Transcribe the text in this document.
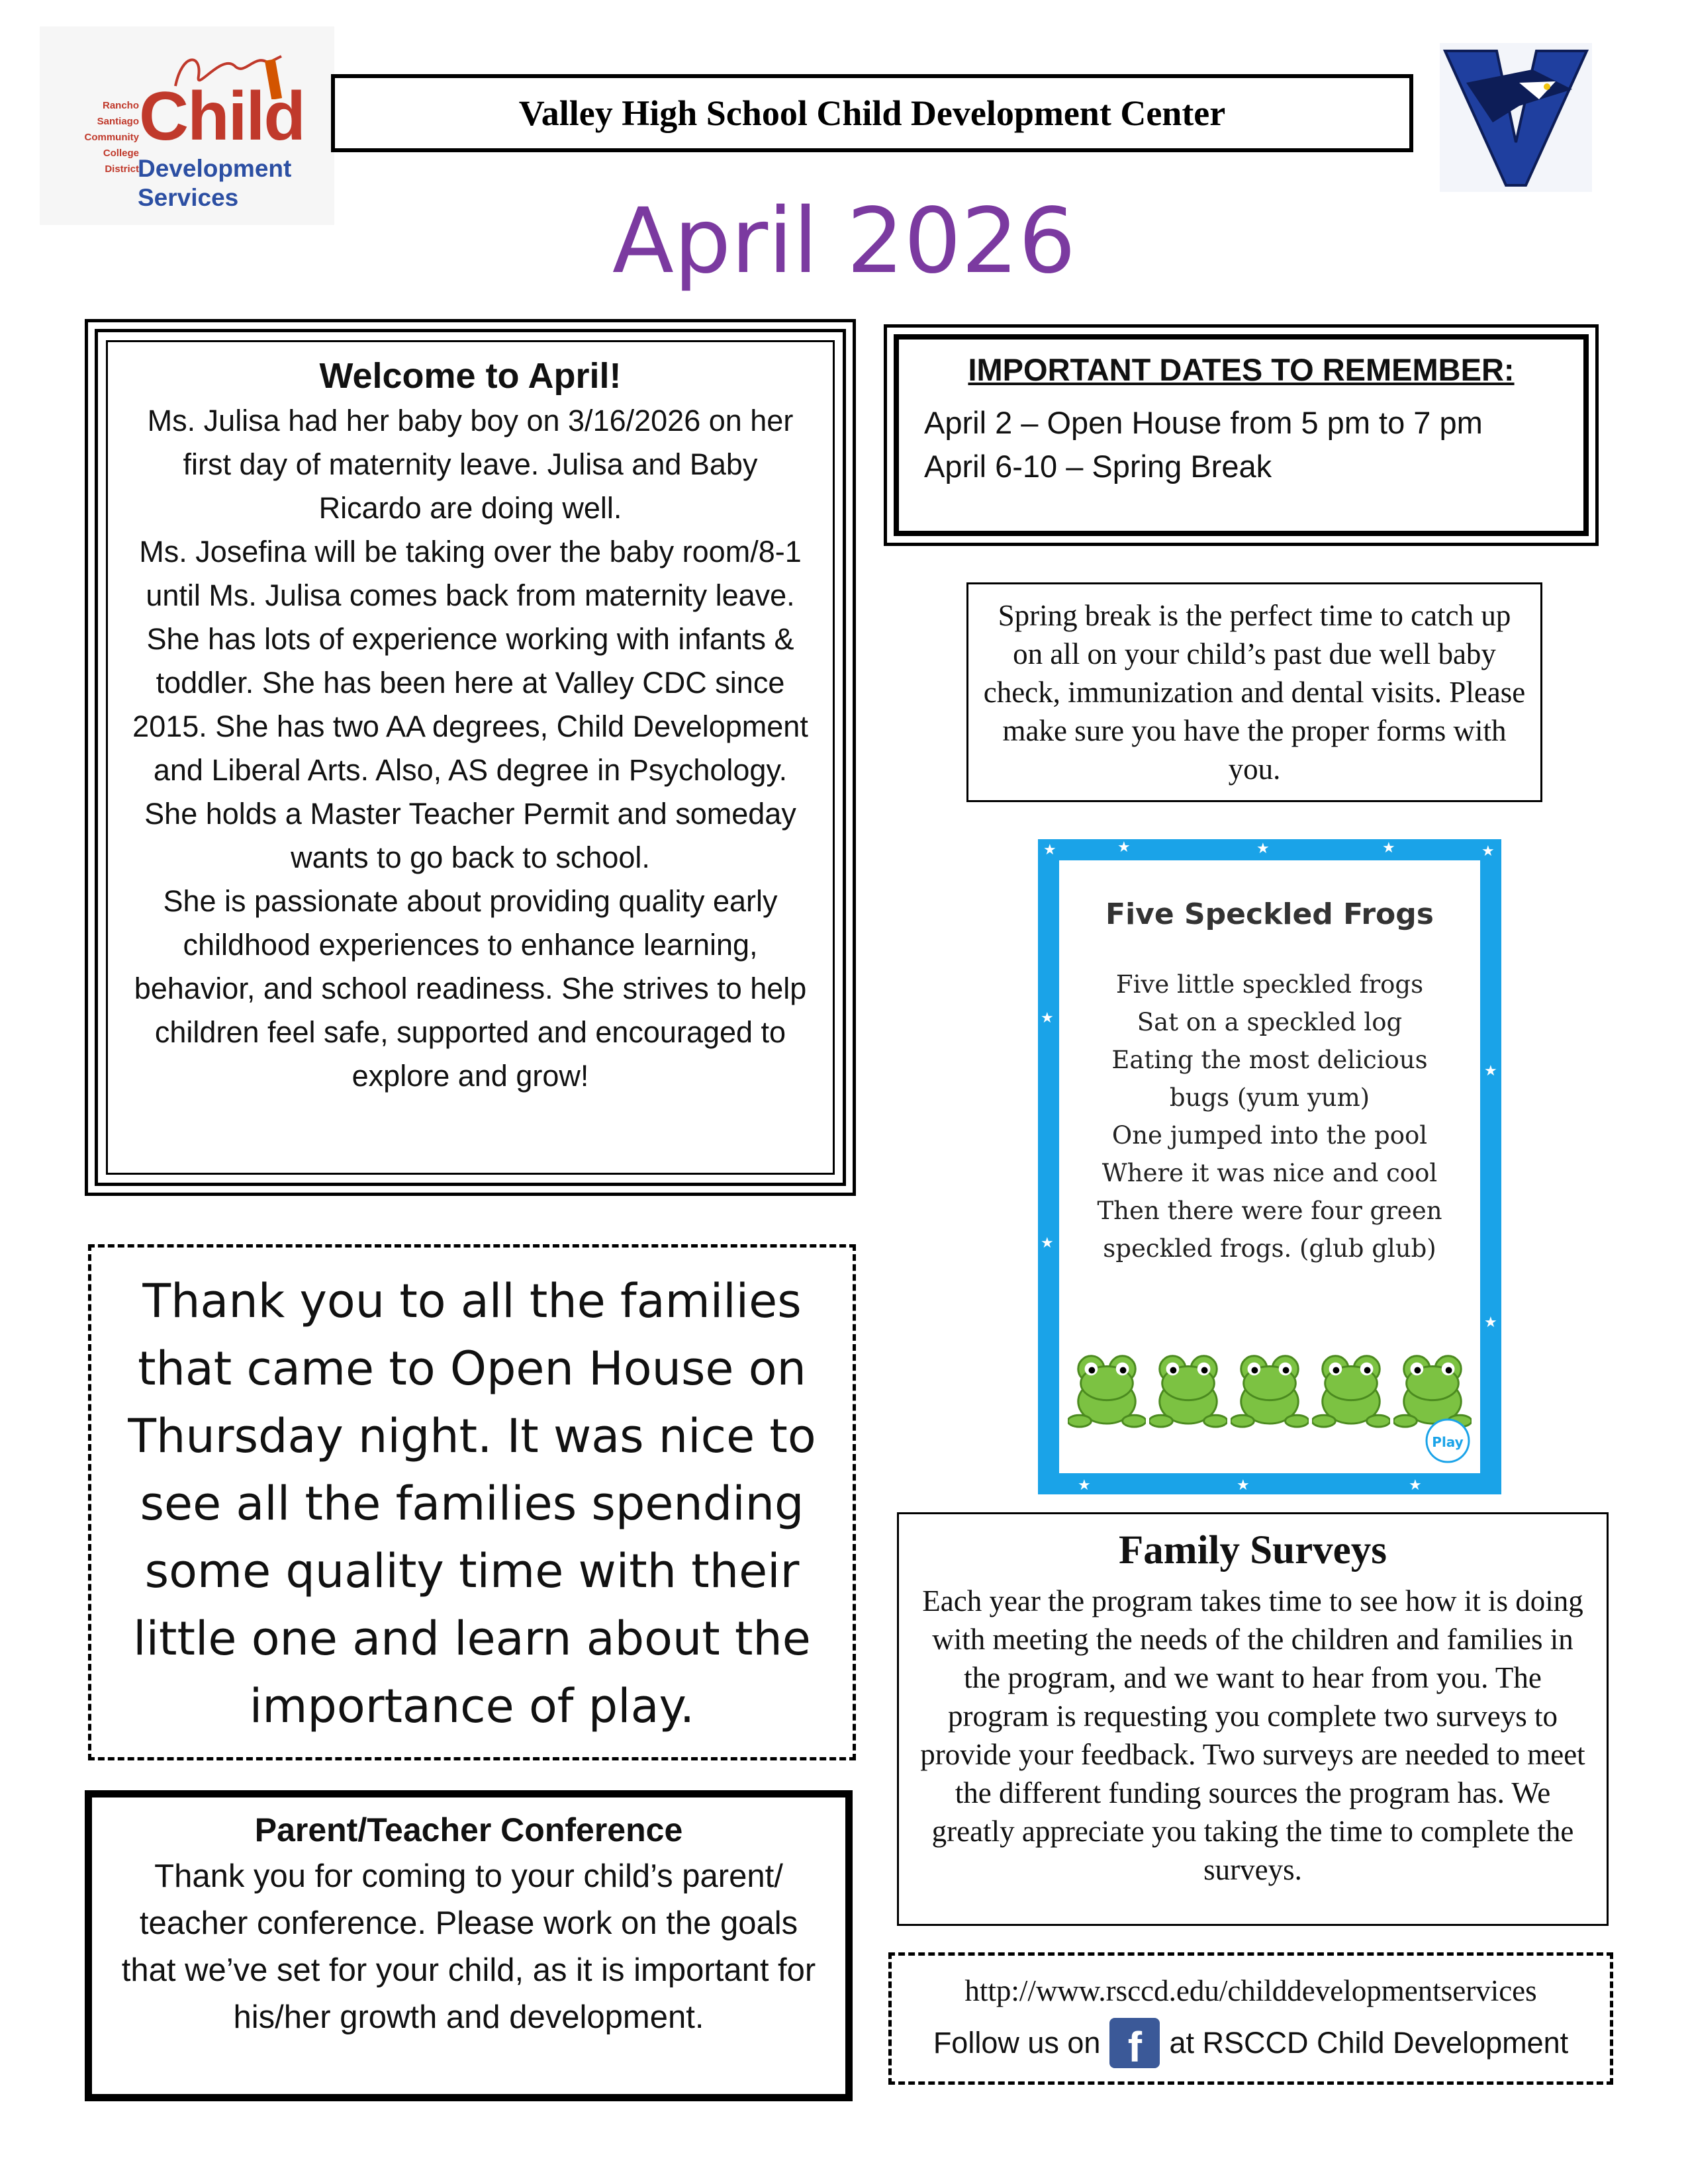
Rancho
Santiago
Community
College
District
Child
Development
Services
Valley High School Child Development Center
April 2026
Welcome to April!

Ms. Julisa had her baby boy on 3/16/2026 on her first day of maternity leave. Julisa and Baby Ricardo are doing well.

Ms. Josefina will be taking over the baby room/8-1 until Ms. Julisa comes back from maternity leave. She has lots of experience working with infants & toddler. She has been here at Valley CDC since 2015. She has two AA degrees, Child Development and Liberal Arts. Also, AS degree in Psychology. She holds a Master Teacher Permit and someday wants to go back to school.

She is passionate about providing quality early childhood experiences to enhance learning, behavior, and school readiness. She strives to help children feel safe, supported and encouraged to explore and grow!

IMPORTANT DATES TO REMEMBER:
April 2 – Open House from 5 pm to 7 pm
April 6-10 – Spring Break
Spring break is the perfect time to catch up on all on your child’s past due well baby check, immunization and dental visits. Please make sure you have the proper forms with you.
★	★	★	★	★
★
★
★
★
★	★	★
Five Speckled Frogs
Five little speckled frogs
Sat on a speckled log
Eating the most delicious
bugs (yum yum)
One jumped into the pool
Where it was nice and cool
Then there were four green
speckled frogs. (glub glub)
Play
Thank you to all the families that came to Open House on Thursday night. It was nice to see all the families spending some quality time with their little one and learn about the importance of play.
Parent/Teacher Conference

Thank you for coming to your child’s parent/ teacher conference. Please work on the goals that we’ve set for your child, as it is important for his/her growth and development.

Family Surveys

Each year the program takes time to see how it is doing with meeting the needs of the children and families in the program, and we want to hear from you. The program is requesting you complete two surveys to provide your feedback. Two surveys are needed to meet the different funding sources the program has. We greatly appreciate you taking the time to complete the surveys.

http://www.rsccd.edu/childdevelopmentservices
Follow us on f at RSCCD Child Development
